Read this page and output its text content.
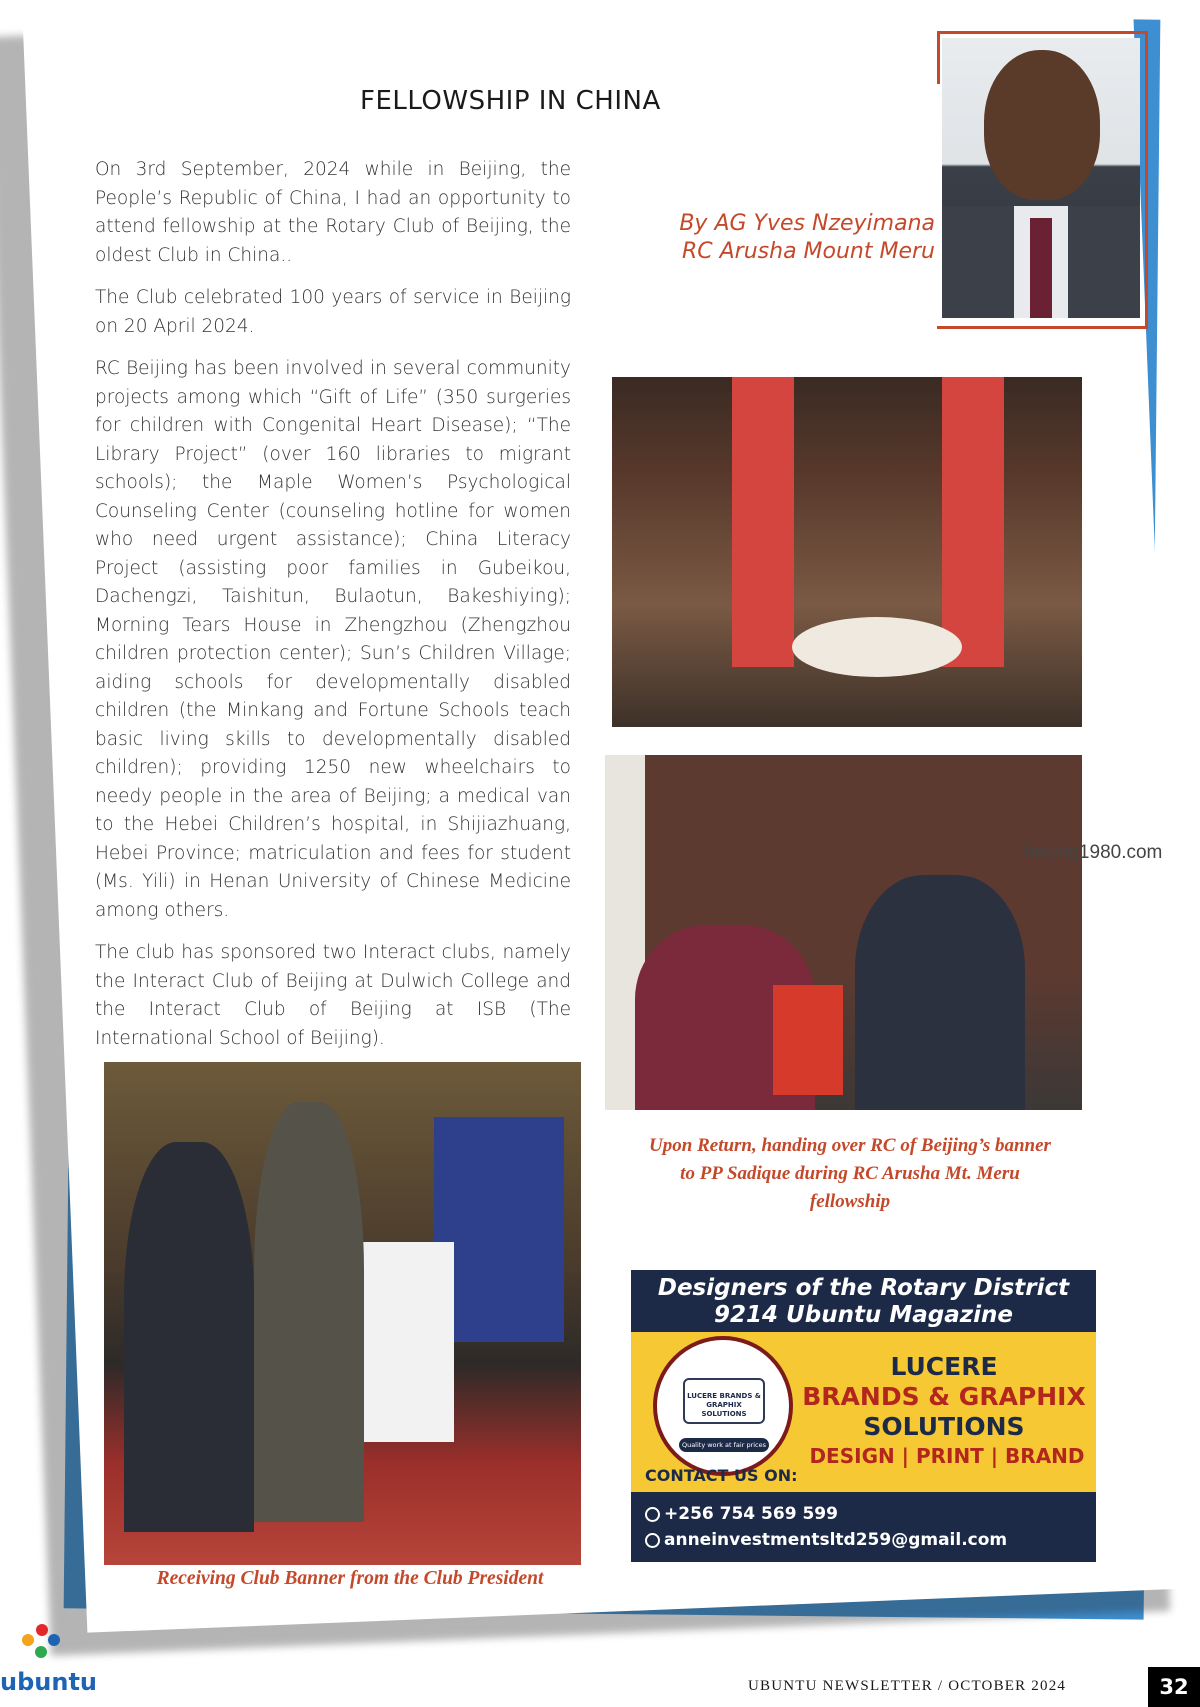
FELLOWSHIP IN CHINA

On 3rd September, 2024 while in Beijing, the People’s Republic of China, I had an opportunity to attend fellowship at the Rotary Club of Beijing, the oldest Club in China..

The Club celebrated 100 years of service in Beijing on 20 April 2024.

RC Beijing has been involved in several community projects among which “Gift of Life” (350 surgeries for children with Congenital Heart Disease); “The Library Project” (over 160 libraries to migrant schools); the Maple Women’s Psychological Counseling Center (counseling hotline for women who need urgent assistance); China Literacy Project (assisting poor families in Gubeikou, Dachengzi, Taishitun, Bulaotun, Bakeshiying); Morning Tears House in Zhengzhou (Zhengzhou children protection center); Sun’s Children Village; aiding schools for developmentally disabled children (the Minkang and Fortune Schools teach basic living skills to developmentally disabled children); providing 1250 new wheelchairs to needy people in the area of Beijing; a medical van to the Hebei Children’s hospital, in Shijiazhuang, Hebei Province; matriculation and fees for student (Ms. Yili) in Henan University of Chinese Medicine among others.

The club has sponsored two Interact clubs, namely the Interact Club of Beijing at Dulwich College and the Interact Club of Beijing at ISB (The International School of Beijing).

By AG Yves Nzeyimana
RC Arusha Mount Meru
beijing1980.com
Upon Return, handing over RC of Beijing’s banner to PP Sadique during RC Arusha Mt. Meru fellowship
Receiving Club Banner from the Club President
Designers of the Rotary District
9214 Ubuntu Magazine
LUCERE BRANDS & GRAPHIX SOLUTIONS
Quality work at fair prices
LUCERE
BRANDS & GRAPHIX
SOLUTIONS
DESIGN | PRINT | BRAND
CONTACT US ON:
+256 754 569 599
anneinvestmentsltd259@gmail.com
ubuntu	UBUNTU NEWSLETTER / OCTOBER 2024	32
